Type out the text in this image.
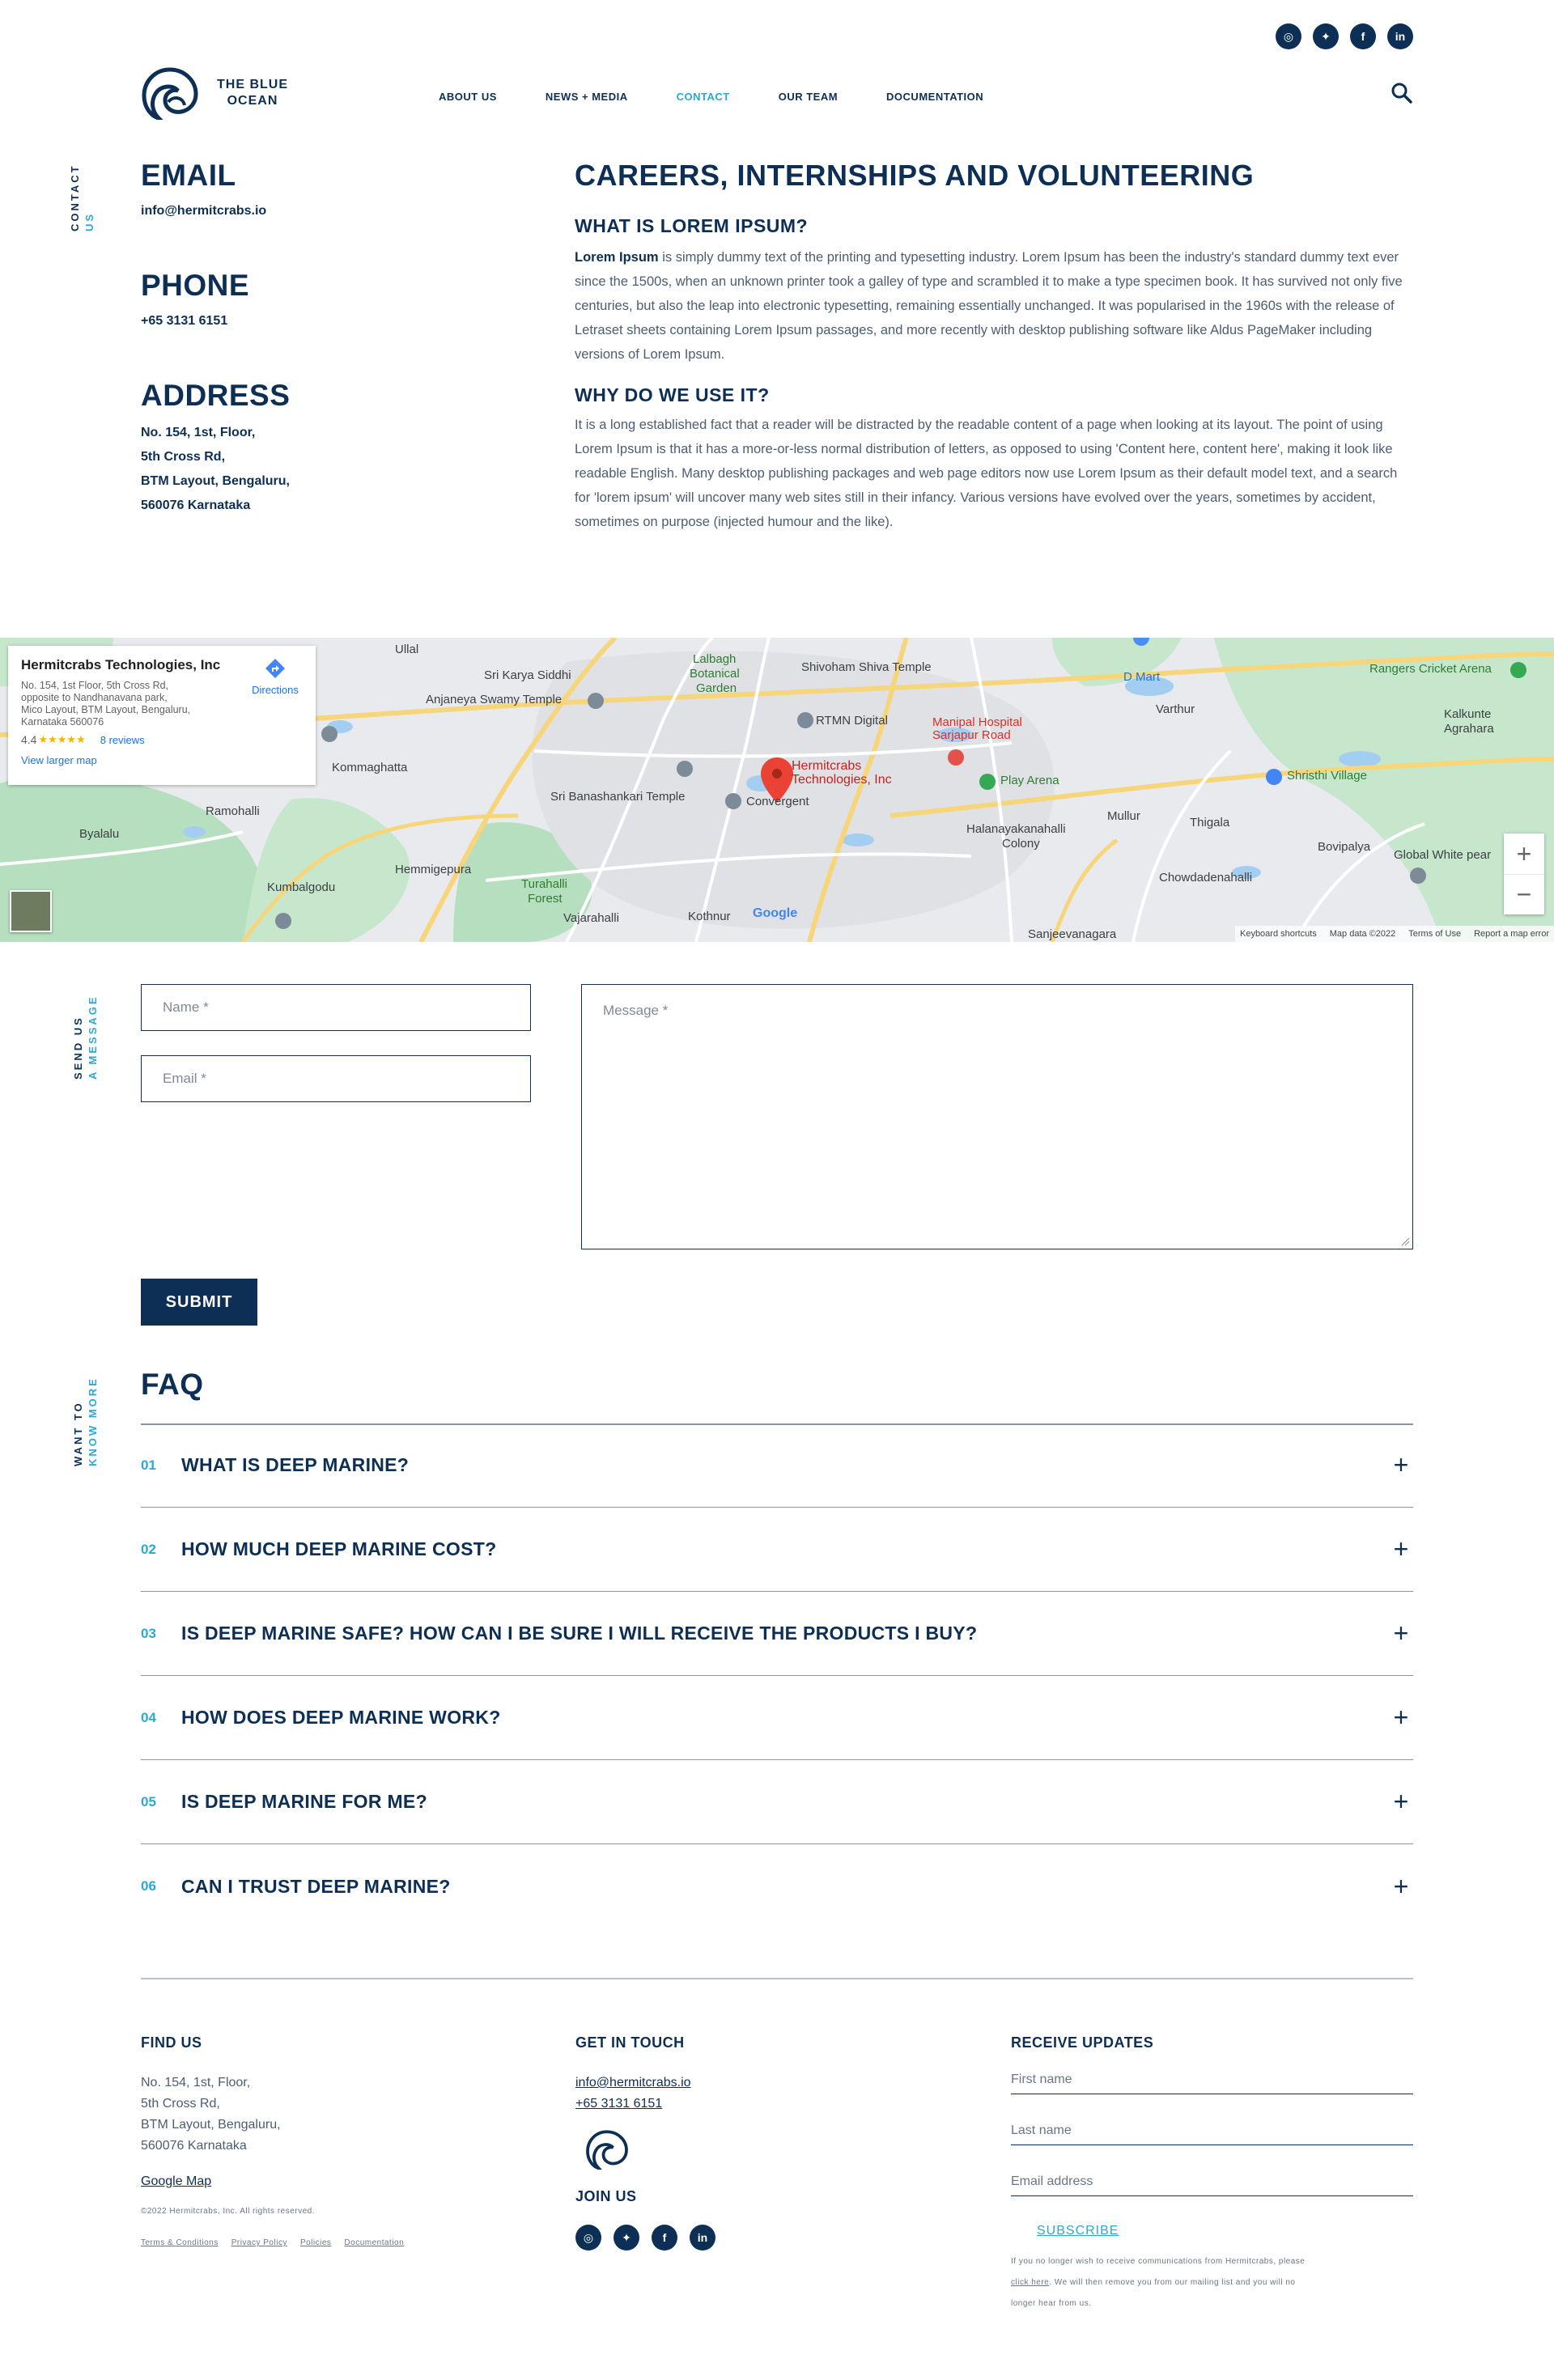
◎	✦	f	in
THE BLUE
OCEAN	ABOUT US	NEWS + MEDIA	CONTACT	OUR TEAM	DOCUMENTATION
CONTACT US
EMAIL
info@hermitcrabs.io
PHONE
+65 3131 6151
ADDRESS
No. 154, 1st, Floor,
5th Cross Rd,
BTM Layout, Bengaluru,
560076 Karnataka
CAREERS, INTERNSHIPS AND VOLUNTEERING
WHAT IS LOREM IPSUM?

Lorem Ipsum is simply dummy text of the printing and typesetting industry. Lorem Ipsum has been the industry's standard dummy text ever since the 1500s, when an unknown printer took a galley of type and scrambled it to make a type specimen book. It has survived not only five centuries, but also the leap into electronic typesetting, remaining essentially unchanged. It was popularised in the 1960s with the release of Letraset sheets containing Lorem Ipsum passages, and more recently with desktop publishing software like Aldus PageMaker including versions of Lorem Ipsum.

WHY DO WE USE IT?

It is a long established fact that a reader will be distracted by the readable content of a page when looking at its layout. The point of using Lorem Ipsum is that it has a more-or-less normal distribution of letters, as opposed to using 'Content here, content here', making it look like readable English. Many desktop publishing packages and web page editors now use Lorem Ipsum as their default model text, and a search for 'lorem ipsum' will uncover many web sites still in their infancy. Various versions have evolved over the years, sometimes by accident, sometimes on purpose (injected humour and the like).

Ullal
Sri Karya Siddhi
Anjaneya Swamy Temple
Lalbagh
Botanical
Garden
Shivoham Shiva Temple
D Mart
Rangers Cricket Arena
Varthur	Kalkunte
Agrahara
RTMN Digital	Manipal Hospital
Sarjapur Road
Kommaghatta
Ramohalli
Sri Banashankari Temple	Convergent
Play Arena	Shristhi Village
Byalalu	Halanayakanahalli
Colony
Mullur
Hemmigepura
Kumbalgodu	Turahalli
Forest
Thigala
Chowdadenahalli
Bovipalya
Global White pear
Vajarahalli	Kothnur
Sanjeevanagara
Hermitcrabs
Technologies, Inc
Google
Hermitcrabs Technologies, Inc
No. 154, 1st Floor, 5th Cross Rd,
opposite to Nandhanavana park,
Mico Layout, BTM Layout, Bengaluru,
Karnataka 560076
4.4 ★★★★★ 8 reviews
View larger map
Directions
+
−
Keyboard shortcuts Map data ©2022 Terms of Use Report a map error
SEND US A MESSAGE	Name *
Email *
Message *
SUBMIT
WANT TO KNOW MORE FAQ
01	WHAT IS DEEP MARINE?	+
02	HOW MUCH DEEP MARINE COST?	+
03	IS DEEP MARINE SAFE? HOW CAN I BE SURE I WILL RECEIVE THE PRODUCTS I BUY?	+
04	HOW DOES DEEP MARINE WORK?	+
05	IS DEEP MARINE FOR ME?	+
06	CAN I TRUST DEEP MARINE?	+
FIND US
No. 154, 1st, Floor,
5th Cross Rd,
BTM Layout, Bengaluru,
560076 Karnataka
Google Map
©2022 Hermitcrabs, Inc. All rights reserved.
Terms & Conditions Privacy Policy Policies Documentation
GET IN TOUCH
info@hermitcrabs.io
+65 3131 6151
JOIN US
◎	✦	f	in
RECEIVE UPDATES
First name
Last name
Email address
SUBSCRIBE
If you no longer wish to receive communications from Hermitcrabs, please
click here. We will then remove you from our mailing list and you will no
longer hear from us.
